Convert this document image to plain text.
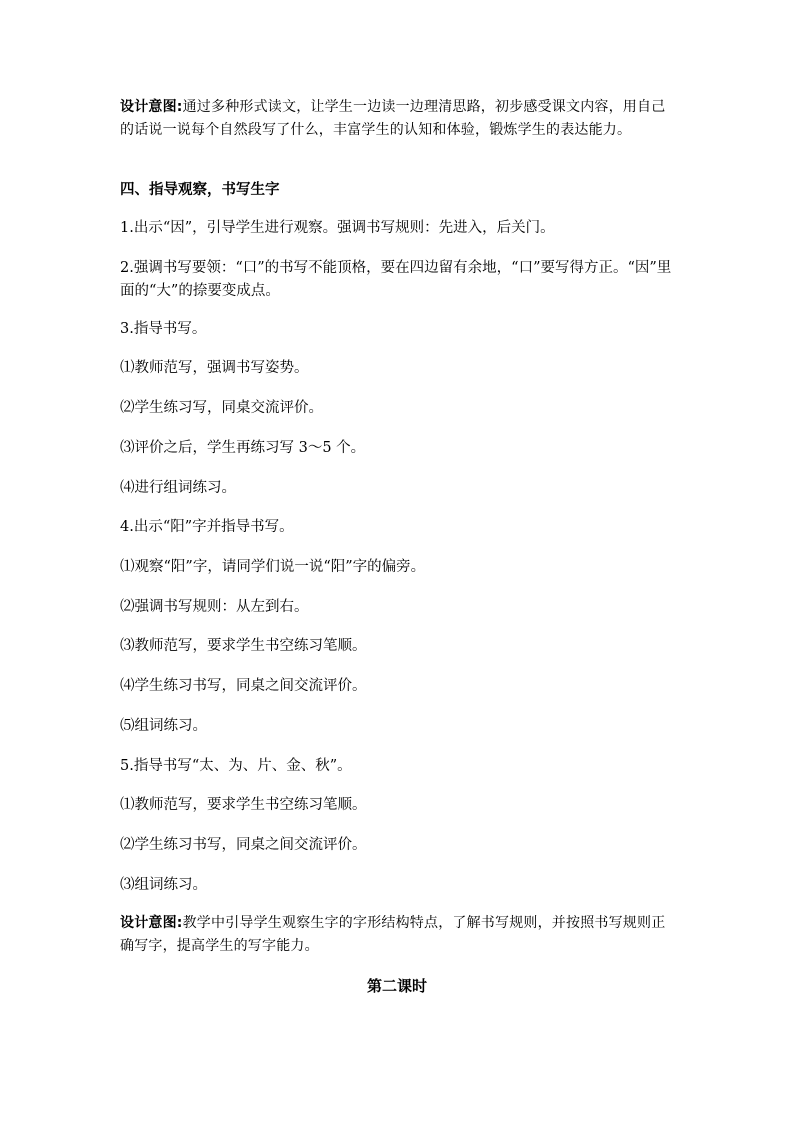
设计意图:通过多种形式读文，让学生一边读一边理清思路，初步感受课文内容，用自己的话说一说每个自然段写了什么，丰富学生的认知和体验，锻炼学生的表达能力。

四、指导观察，书写生字

1.出示“因”，引导学生进行观察。强调书写规则：先进入，后关门。

2.强调书写要领：“口”的书写不能顶格，要在四边留有余地，“口”要写得方正。“因”里面的“大”的捺要变成点。

3.指导书写。

⑴教师范写，强调书写姿势。

⑵学生练习写，同桌交流评价。

⑶评价之后，学生再练习写 3～5 个。

⑷进行组词练习。

4.出示“阳”字并指导书写。

⑴观察“阳”字，请同学们说一说“阳”字的偏旁。

⑵强调书写规则：从左到右。

⑶教师范写，要求学生书空练习笔顺。

⑷学生练习书写，同桌之间交流评价。

⑸组词练习。

5.指导书写“太、为、片、金、秋”。

⑴教师范写，要求学生书空练习笔顺。

⑵学生练习书写，同桌之间交流评价。

⑶组词练习。

设计意图:教学中引导学生观察生字的字形结构特点，了解书写规则，并按照书写规则正确写字，提高学生的写字能力。

第二课时
